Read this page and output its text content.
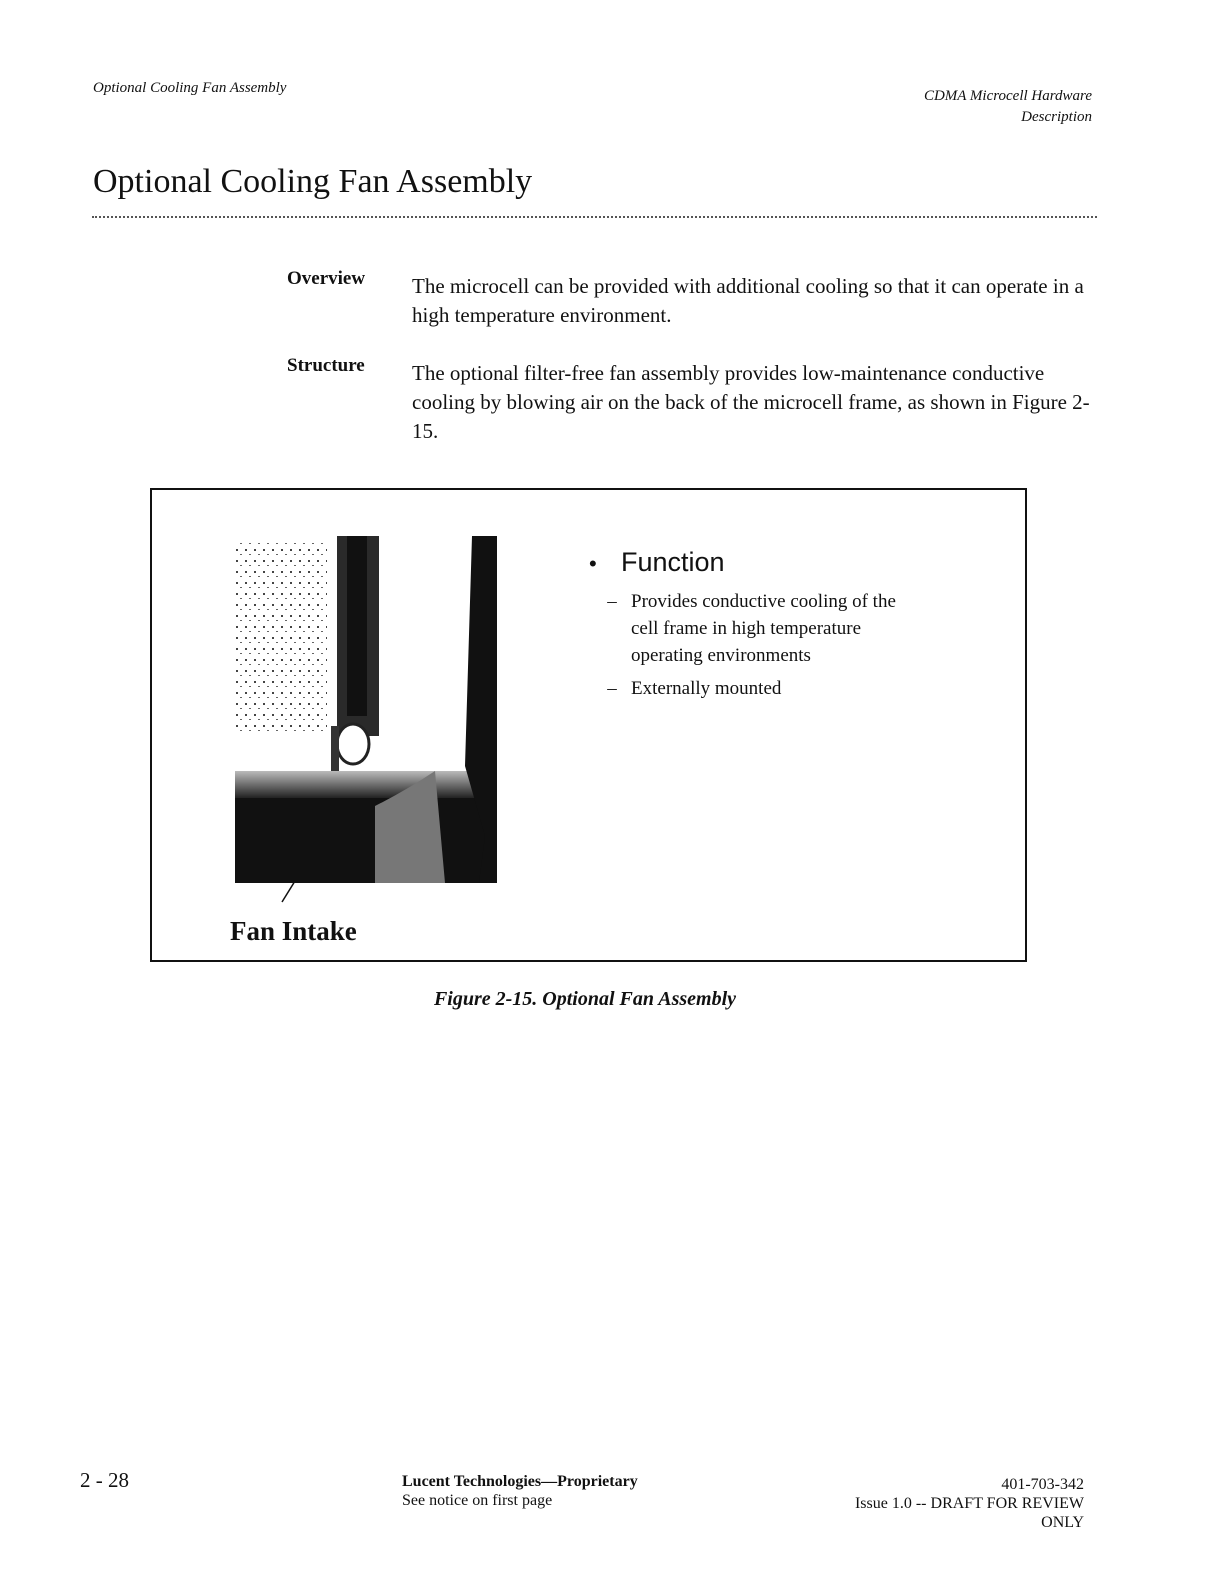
Optional Cooling Fan Assembly	CDMA Microcell Hardware
Description
Optional Cooling Fan Assembly
Overview The microcell can be provided with additional cooling so that it can operate in a high temperature environment.

Structure The optional filter-free fan assembly provides low-maintenance conductive cooling by blowing air on the back of the microcell frame, as shown in Figure 2-15.

Fan Intake
• Function
– Provides conductive cooling of the cell frame in high temperature operating environments
– Externally mounted
Figure 2-15. Optional Fan Assembly
2 - 28	Lucent Technologies—Proprietary
See notice on first page
401-703-342
Issue 1.0 -- DRAFT FOR REVIEW
ONLY
